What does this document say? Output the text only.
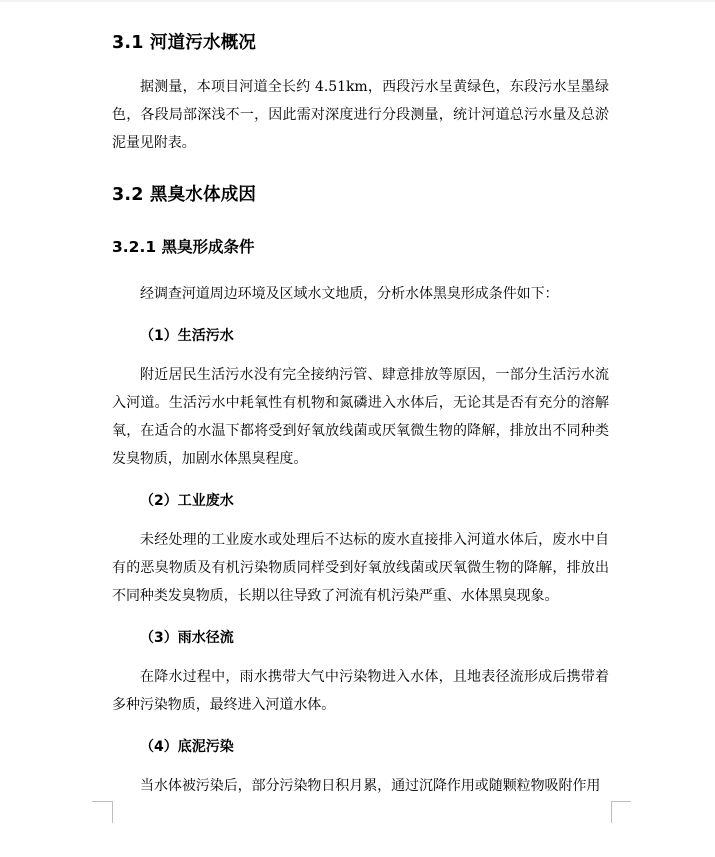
3.1 河道污水概况

据测量，本项目河道全长约 4.51km，西段污水呈黄绿色，东段污水呈墨绿色，各段局部深浅不一，因此需对深度进行分段测量，统计河道总污水量及总淤泥量见附表。

3.2 黑臭水体成因
3.2.1 黑臭形成条件

经调查河道周边环境及区域水文地质，分析水体黑臭形成条件如下：

（1）生活污水

附近居民生活污水没有完全接纳污管、肆意排放等原因，一部分生活污水流入河道。生活污水中耗氧性有机物和氮磷进入水体后，无论其是否有充分的溶解氧，在适合的水温下都将受到好氧放线菌或厌氧微生物的降解，排放出不同种类发臭物质，加剧水体黑臭程度。

（2）工业废水

未经处理的工业废水或处理后不达标的废水直接排入河道水体后，废水中自有的恶臭物质及有机污染物质同样受到好氧放线菌或厌氧微生物的降解，排放出不同种类发臭物质，长期以往导致了河流有机污染严重、水体黑臭现象。

（3）雨水径流

在降水过程中，雨水携带大气中污染物进入水体，且地表径流形成后携带着多种污染物质，最终进入河道水体。

（4）底泥污染

当水体被污染后，部分污染物日积月累，通过沉降作用或随颗粒物吸附作用
